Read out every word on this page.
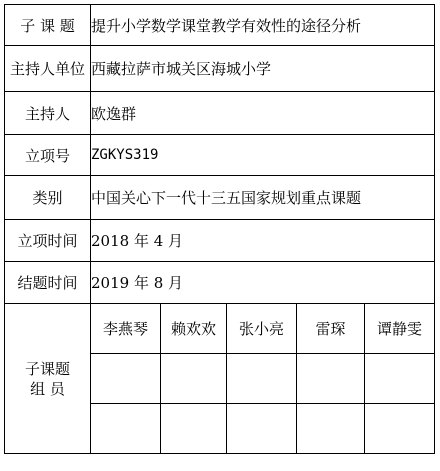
子 课 题	提升小学数学课堂教学有效性的途径分析				
主持人单位	西藏拉萨市城关区海城小学				
主持人	欧逸群				
立项号	ZGKYS319				
类别	中国关心下一代十三五国家规划重点课题				
立项时间	2018 年 4 月				
结题时间	2019 年 8 月				

子课题
组 员	李燕琴	赖欢欢	张小亮	雷琛	谭静雯
